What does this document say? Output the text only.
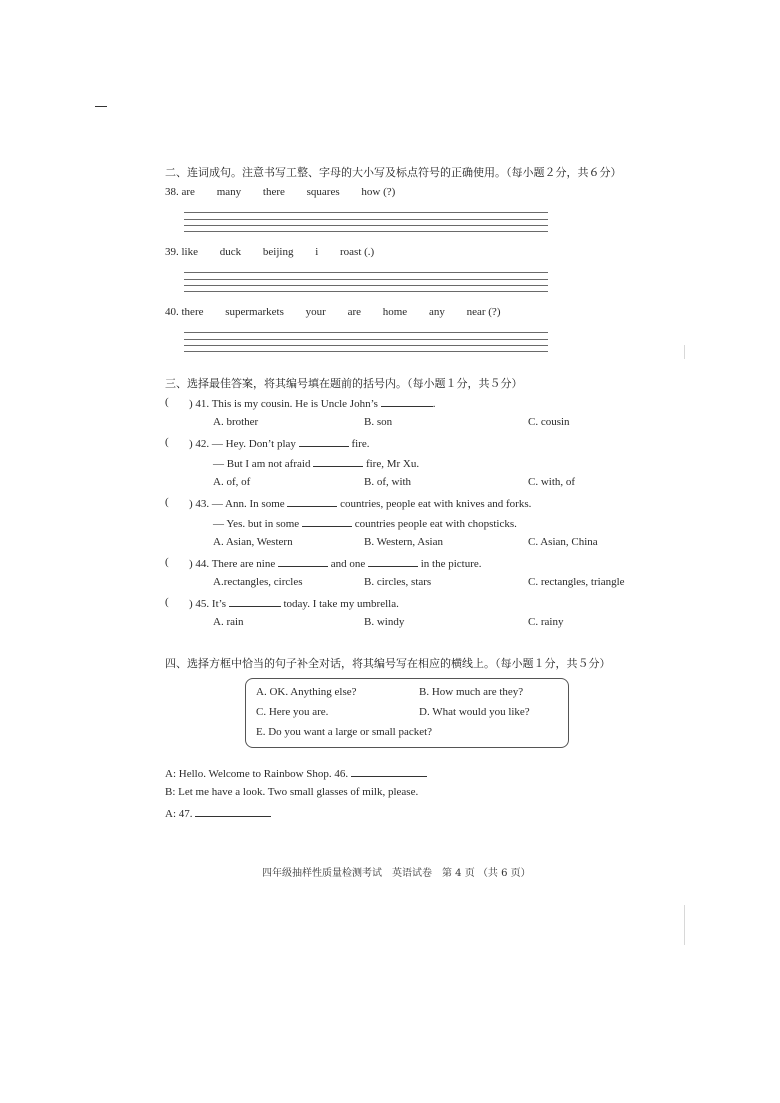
二、连词成句。注意书写工整、字母的大小写及标点符号的正确使用。（每小题２分，共６分）
38. are many there squares how (?)
39. like duck beijing i roast (.)
40. there supermarkets your are home any near (?)
三、选择最佳答案，将其编号填在题前的括号内。（每小题１分，共５分）
( ) 41. This is my cousin. He is Uncle John’s	.
A. brother	B. son	C. cousin
( ) 42. — Hey. Don’t play	fire.
— But I am not afraid	fire, Mr Xu.
A. of, of	B. of, with	C. with, of
( ) 43. — Ann. In some	countries, people eat with knives and forks.
— Yes. but in some	countries people eat with chopsticks.
A. Asian, Western	B. Western, Asian	C. Asian, China
( ) 44. There are nine	and one	in the picture.
A.rectangles, circles	B. circles, stars	C. rectangles, triangle
( ) 45. It’s	today. I take my umbrella.
A. rain	B. windy	C. rainy
四、选择方框中恰当的句子补全对话，将其编号写在相应的横线上。（每小题１分，共５分）
A. OK. Anything else?	B. How much are they?
C. Here you are.	D. What would you like?
E. Do you want a large or small packet?
A: Hello. Welcome to Rainbow Shop. 46.
B: Let me have a look. Two small glasses of milk, please.
A: 47.
四年级抽样性质量检测考试　英语试卷　第 4 页 （共 6 页）
